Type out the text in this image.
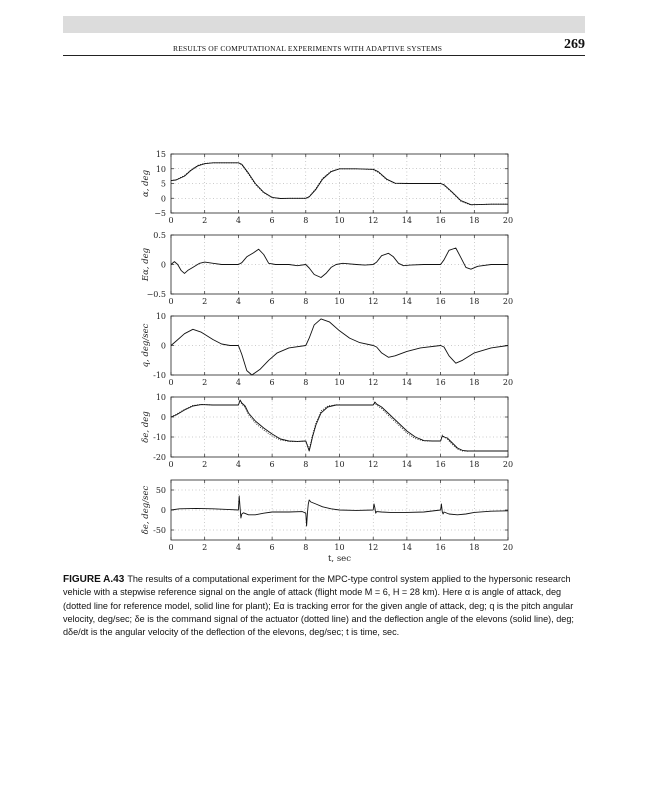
RESULTS OF COMPUTATIONAL EXPERIMENTS WITH ADAPTIVE SYSTEMS	269
0	2	4	6	8	10	12	14	16	18	20
15
10
5
0
−5
α, deg
0	2	4	6	8	10	12	14	16	18	20
0.5
0
−0.5
Eα, deg
0	2	4	6	8	10	12	14	16	18	20
10
0
-10
q, deg/sec
0	2	4	6	8	10	12	14	16	18	20
10
0
-10
-20
δe, deg
0	2	4	6	8	10	12	14	16	18	20
50
0
-50
δ̇e, deg/sec
t, sec
FIGURE A.43 The results of a computational experiment for the MPC-type control system applied to the hypersonic research vehicle with a stepwise reference signal on the angle of attack (flight mode M = 6, H = 28 km). Here α is angle of attack, deg (dotted line for reference model, solid line for plant); Eα is tracking error for the given angle of attack, deg; q is the pitch angular velocity, deg/sec; δe is the command signal of the actuator (dotted line) and the deflection angle of the elevons (solid line), deg; dδe/dt is the angular velocity of the deflection of the elevons, deg/sec; t is time, sec.
